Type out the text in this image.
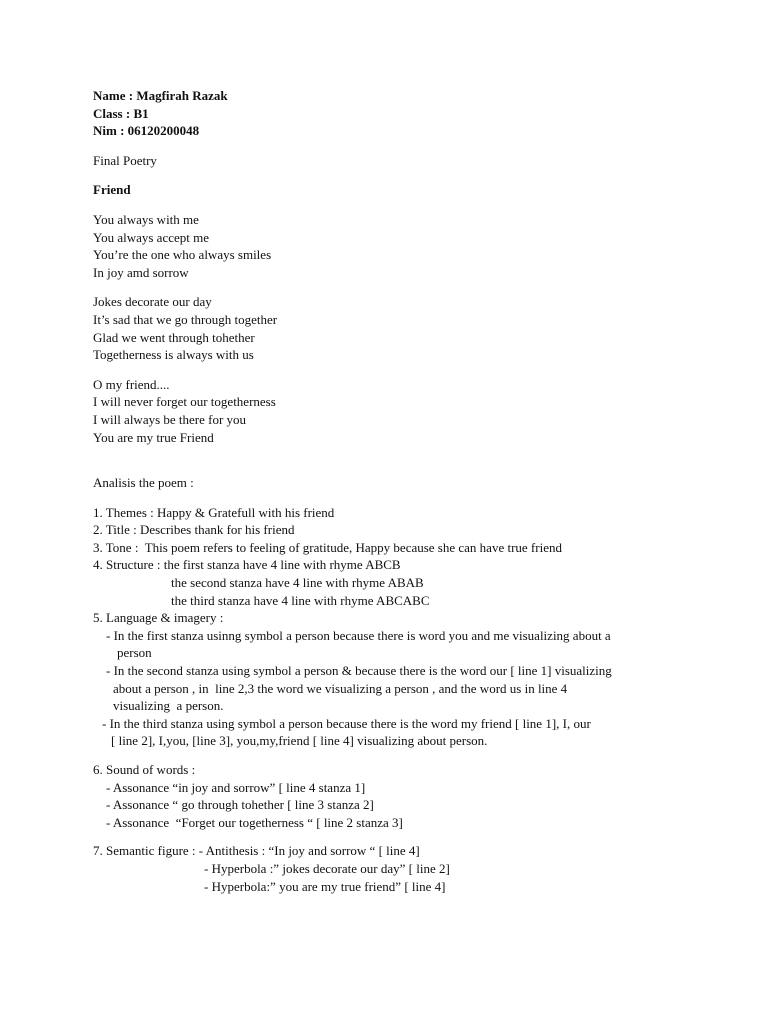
Name : Magfirah Razak
Class : B1
Nim : 06120200048
Final Poetry
Friend
You always with me
You always accept me
You’re the one who always smiles
In joy amd sorrow
Jokes decorate our day
It’s sad that we go through together
Glad we went through tohether
Togetherness is always with us
O my friend....
I will never forget our togetherness
I will always be there for you
You are my true Friend
Analisis the poem :
1. Themes : Happy & Gratefull with his friend
2. Title : Describes thank for his friend
3. Tone :  This poem refers to feeling of gratitude, Happy because she can have true friend
4. Structure : the first stanza have 4 line with rhyme ABCB
the second stanza have 4 line with rhyme ABAB
the third stanza have 4 line with rhyme ABCABC
5. Language & imagery :
- In the first stanza usinng symbol a person because there is word you and me visualizing about a
person
- In the second stanza using symbol a person & because there is the word our [ line 1] visualizing
about a person , in  line 2,3 the word we visualizing a person , and the word us in line 4
visualizing  a person.
- In the third stanza using symbol a person because there is the word my friend [ line 1], I, our
[ line 2], I,you, [line 3], you,my,friend [ line 4] visualizing about person.
6. Sound of words :
- Assonance “in joy and sorrow” [ line 4 stanza 1]
- Assonance “ go through tohether [ line 3 stanza 2]
- Assonance  “Forget our togetherness “ [ line 2 stanza 3]
7. Semantic figure : - Antithesis : “In joy and sorrow “ [ line 4]
- Hyperbola :” jokes decorate our day” [ line 2]
- Hyperbola:” you are my true friend” [ line 4]
